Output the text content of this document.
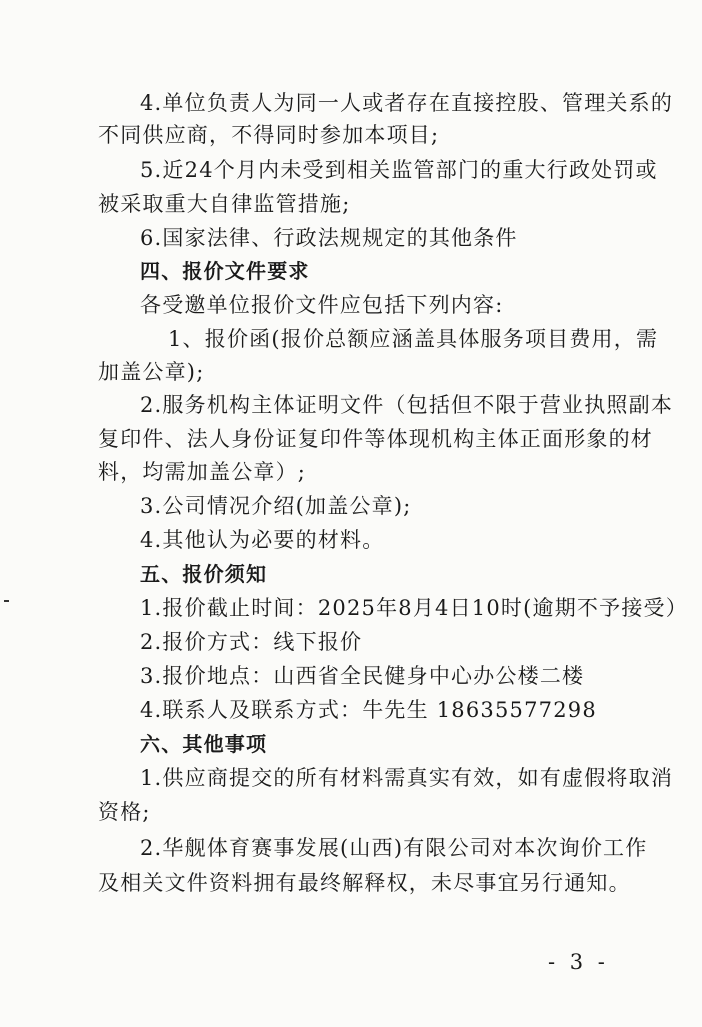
4.单位负责人为同一人或者存在直接控股、管理关系的
不同供应商，不得同时参加本项目;
5.近24个月内未受到相关监管部门的重大行政处罚或
被采取重大自律监管措施;
6.国家法律、行政法规规定的其他条件
四、报价文件要求
各受邀单位报价文件应包括下列内容:
1、报价函(报价总额应涵盖具体服务项目费用，需
加盖公章);
2.服务机构主体证明文件（包括但不限于营业执照副本
复印件、法人身份证复印件等体现机构主体正面形象的材
料，均需加盖公章）;
3.公司情况介绍(加盖公章);
4.其他认为必要的材料。
五、报价须知
1.报价截止时间：2025年8月4日10时(逾期不予接受）
2.报价方式：线下报价
3.报价地点：山西省全民健身中心办公楼二楼
4.联系人及联系方式：牛先生 18635577298
六、其他事项
1.供应商提交的所有材料需真实有效，如有虚假将取消
资格;
2.华舰体育赛事发展(山西)有限公司对本次询价工作
及相关文件资料拥有最终解释权，未尽事宜另行通知。
- 3 -
